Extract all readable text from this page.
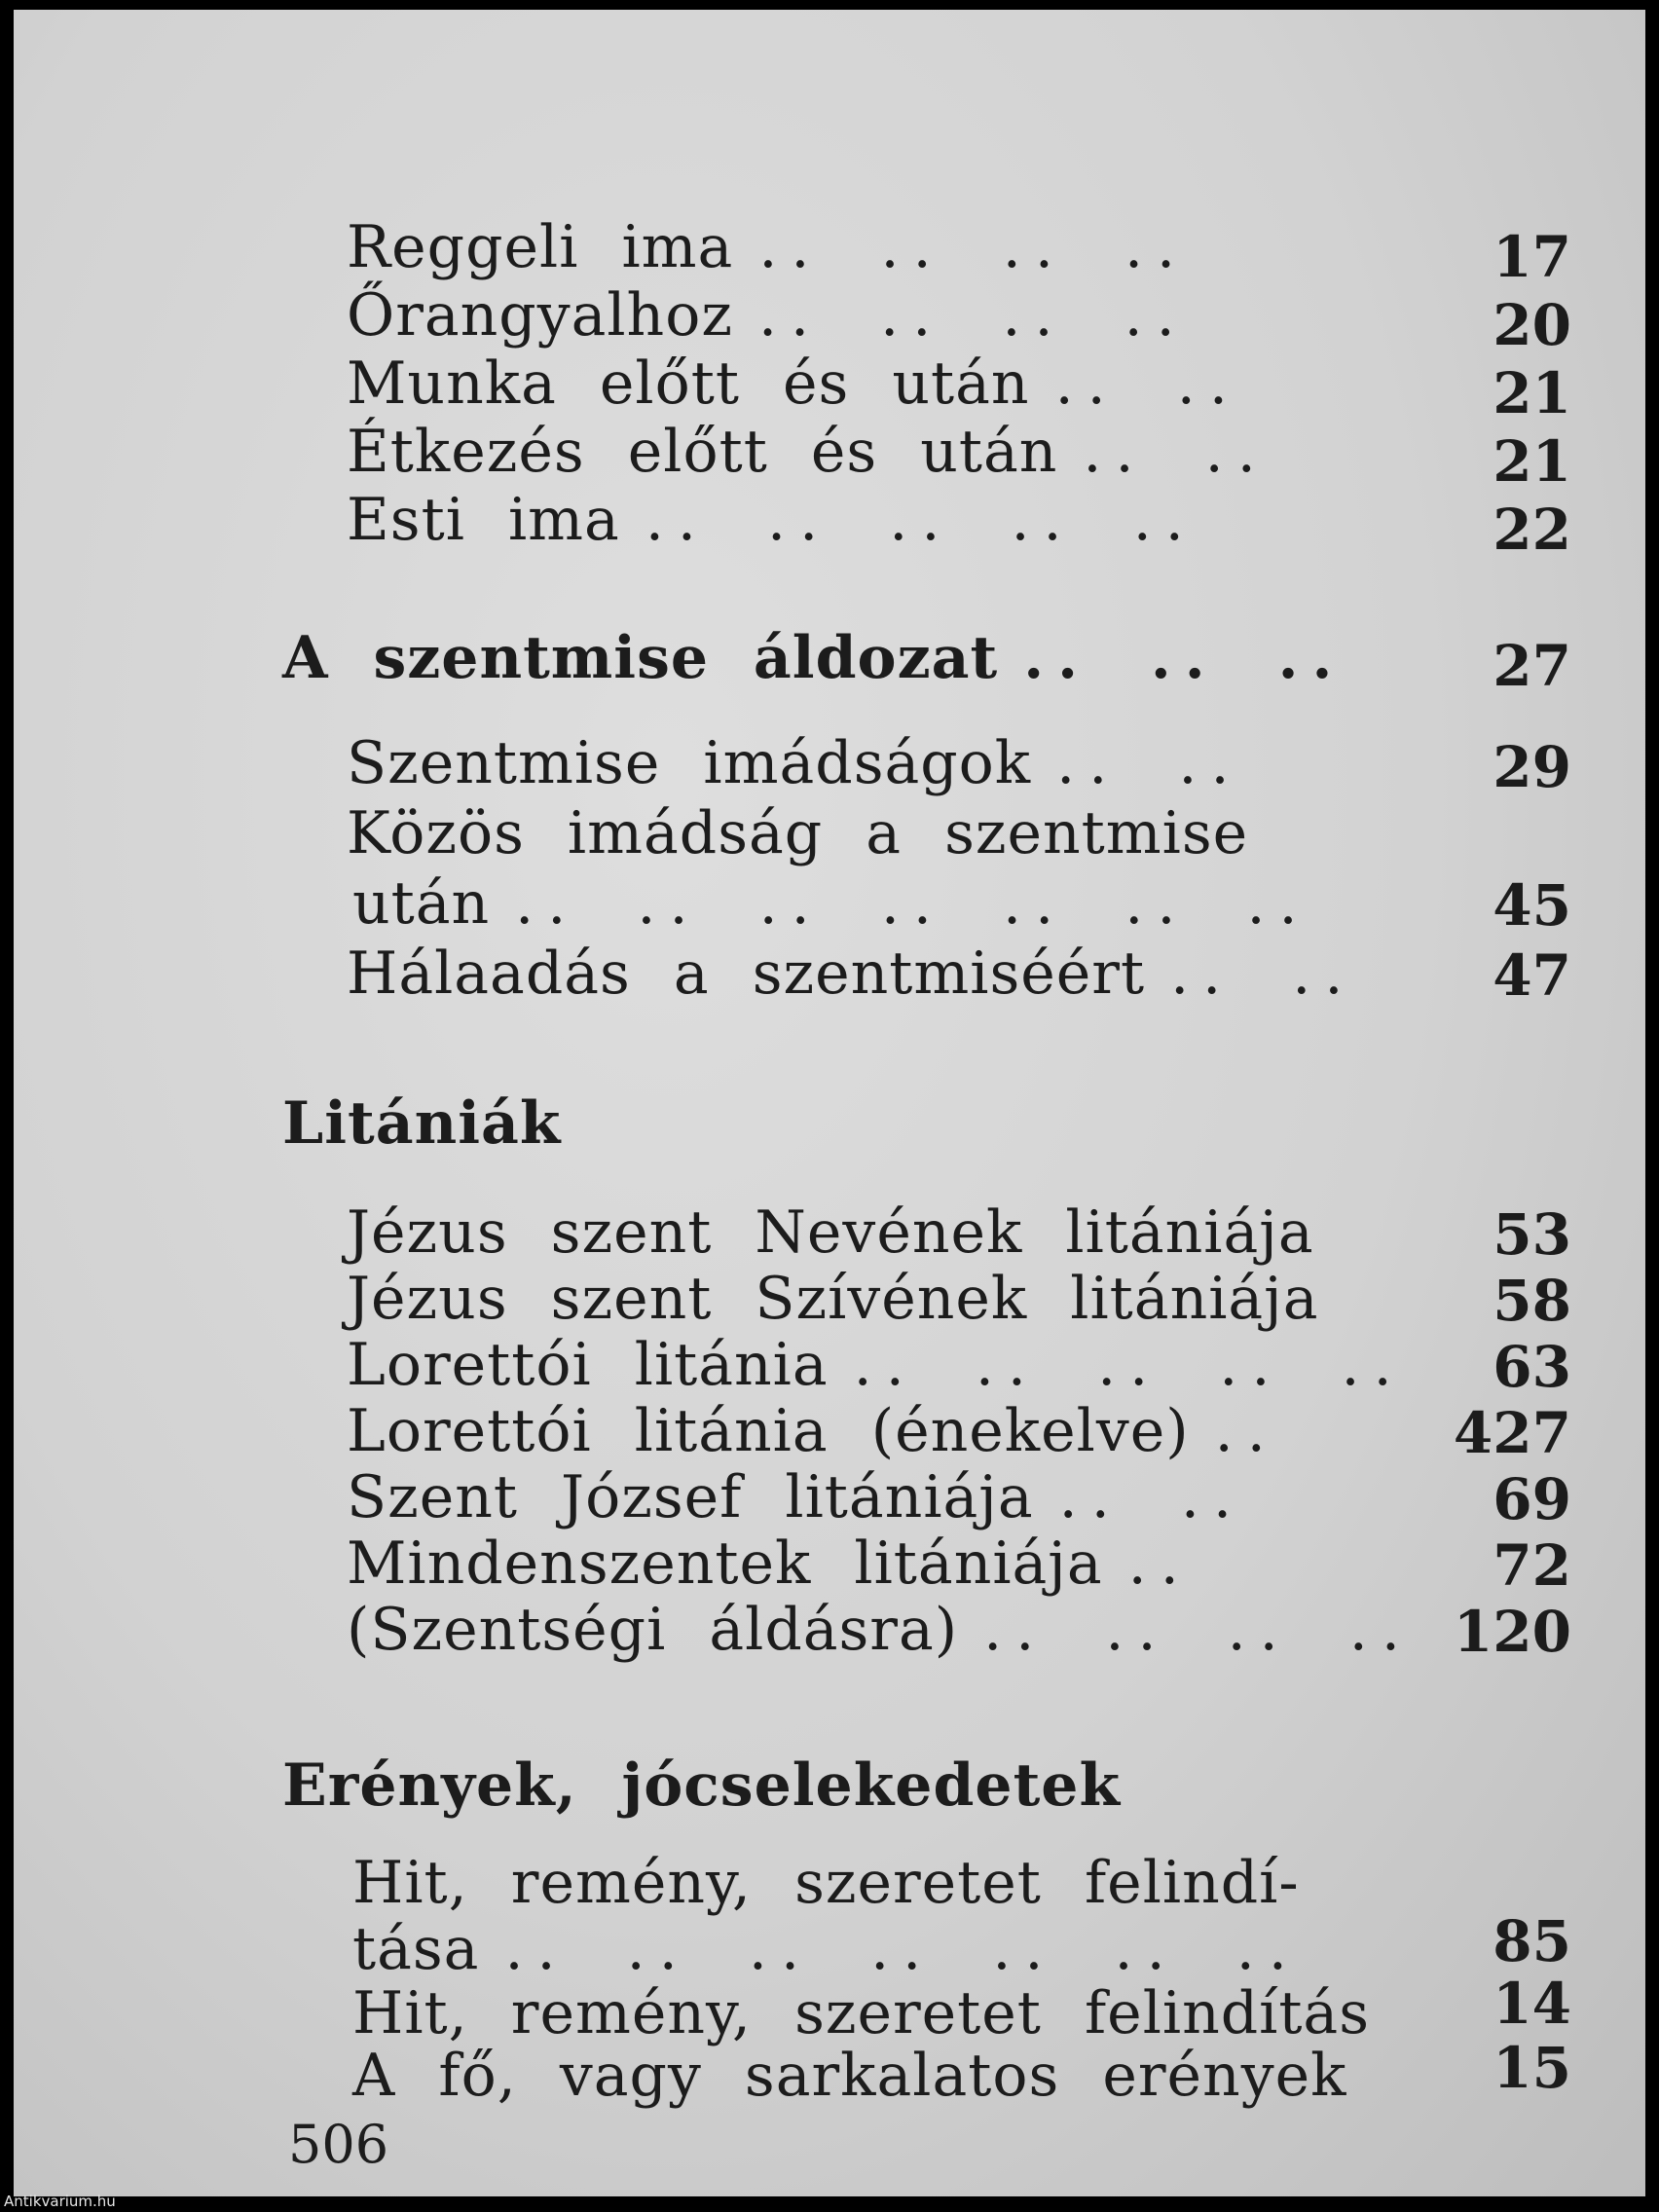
Reggeli ima .. .. .. ..	17
Őrangyalhoz .. .. .. ..	20
Munka előtt és után .. ..	21
Étkezés előtt és után .. ..	21
Esti ima .. .. .. .. ..	22
A szentmise áldozat .. .. ..	27
Szentmise imádságok .. ..	29
Közös imádság a szentmise
után .. .. .. .. .. .. ..	45
Hálaadás a szentmiséért .. ..	47
Litániák
Jézus szent Nevének litániája	53
Jézus szent Szívének litániája	58
Lorettói litánia .. .. .. .. ..	63
Lorettói litánia (énekelve) ..	427
Szent József litániája .. ..	69
Mindenszentek litániája ..	72
(Szentségi áldásra) .. .. .. .. 120
Erények, jócselekedetek
Hit, remény, szeretet felindí-
tása .. .. .. .. .. .. ..	85
Hit, remény, szeretet felindítás	14
A fő, vagy sarkalatos erények	15
506
Antikvarium.hu
